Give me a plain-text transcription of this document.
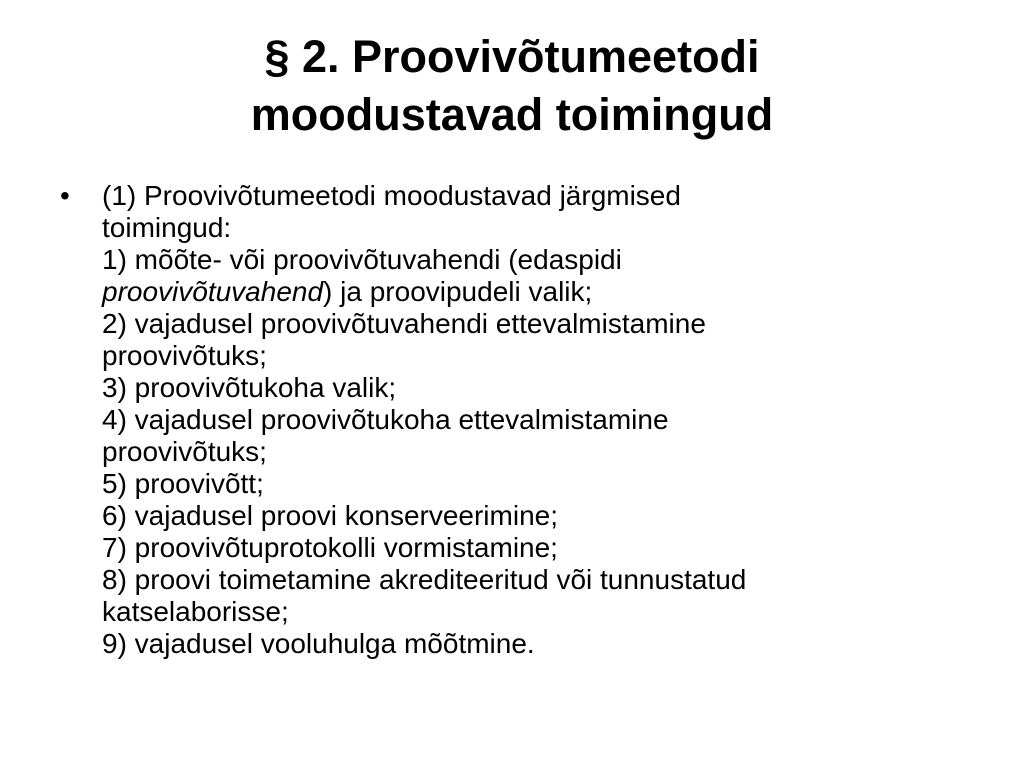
§ 2. Proovivõtumeetodi
moodustavad toimingud
•	(1) Proovivõtumeetodi moodustavad järgmised
toimingud:
1) mõõte- või proovivõtuvahendi (edaspidi
proovivõtuvahend) ja proovipudeli valik;
2) vajadusel proovivõtuvahendi ettevalmistamine
proovivõtuks;
3) proovivõtukoha valik;
4) vajadusel proovivõtukoha ettevalmistamine
proovivõtuks;
5) proovivõtt;
6) vajadusel proovi konserveerimine;
7) proovivõtuprotokolli vormistamine;
8) proovi toimetamine akrediteeritud või tunnustatud
katselaborisse;
9) vajadusel vooluhulga mõõtmine.
